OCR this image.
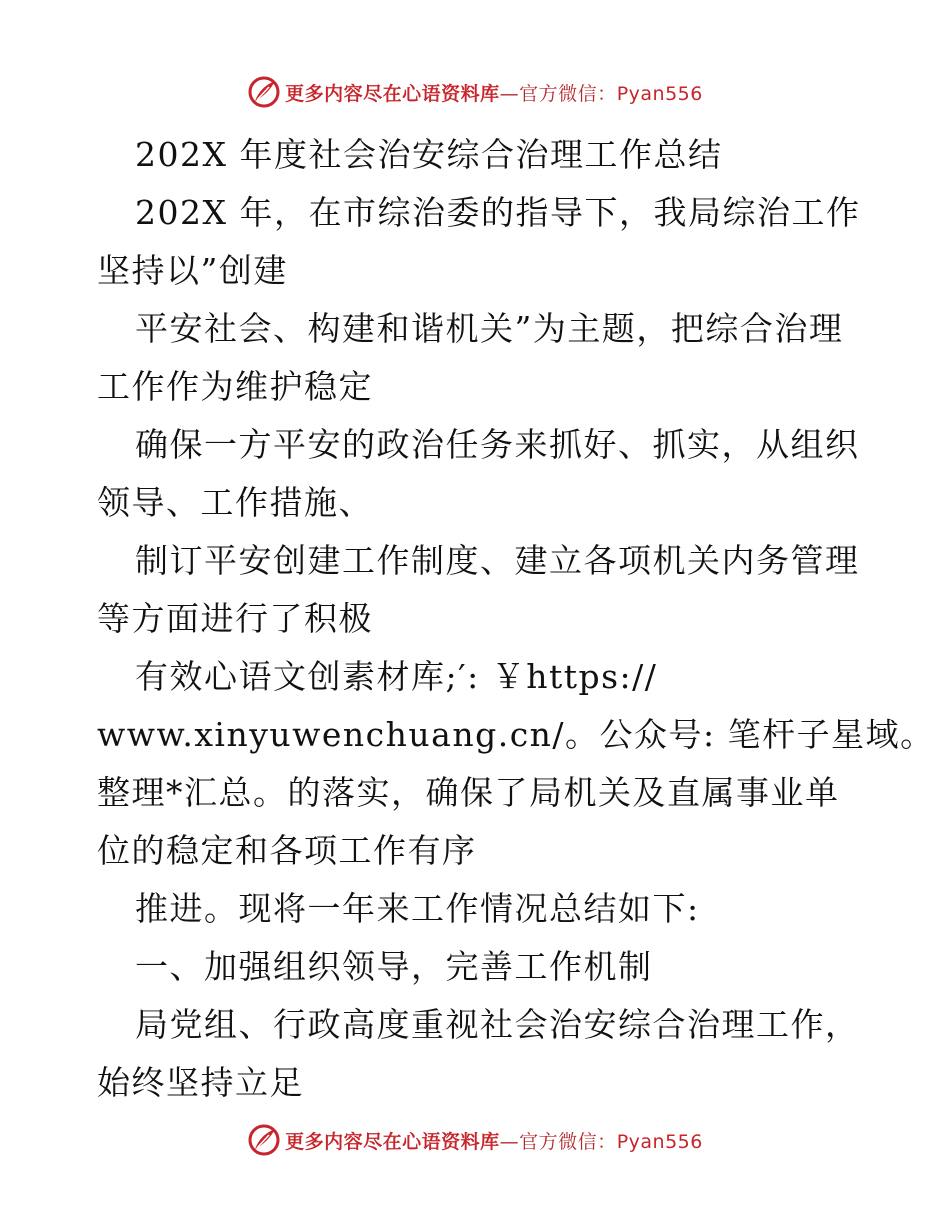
更多内容尽在心语资料库—官方微信：Pyan556
202X 年度社会治安综合治理工作总结
202X 年，在市综治委的指导下，我局综治工作
坚持以”创建
平安社会、构建和谐机关”为主题，把综合治理
工作作为维护稳定
确保一方平安的政治任务来抓好、抓实，从组织
领导、工作措施、
制订平安创建工作制度、建立各项机关内务管理
等方面进行了积极
有效心语文创素材库;′: ￥https://
www.xinyuwenchuang.cn/。公众号: 笔杆子星域。
整理*汇总。的落实，确保了局机关及直属事业单
位的稳定和各项工作有序
推进。现将一年来工作情况总结如下:
一、加强组织领导，完善工作机制
局党组、行政高度重视社会治安综合治理工作，
始终坚持立足
更多内容尽在心语资料库—官方微信：Pyan556
